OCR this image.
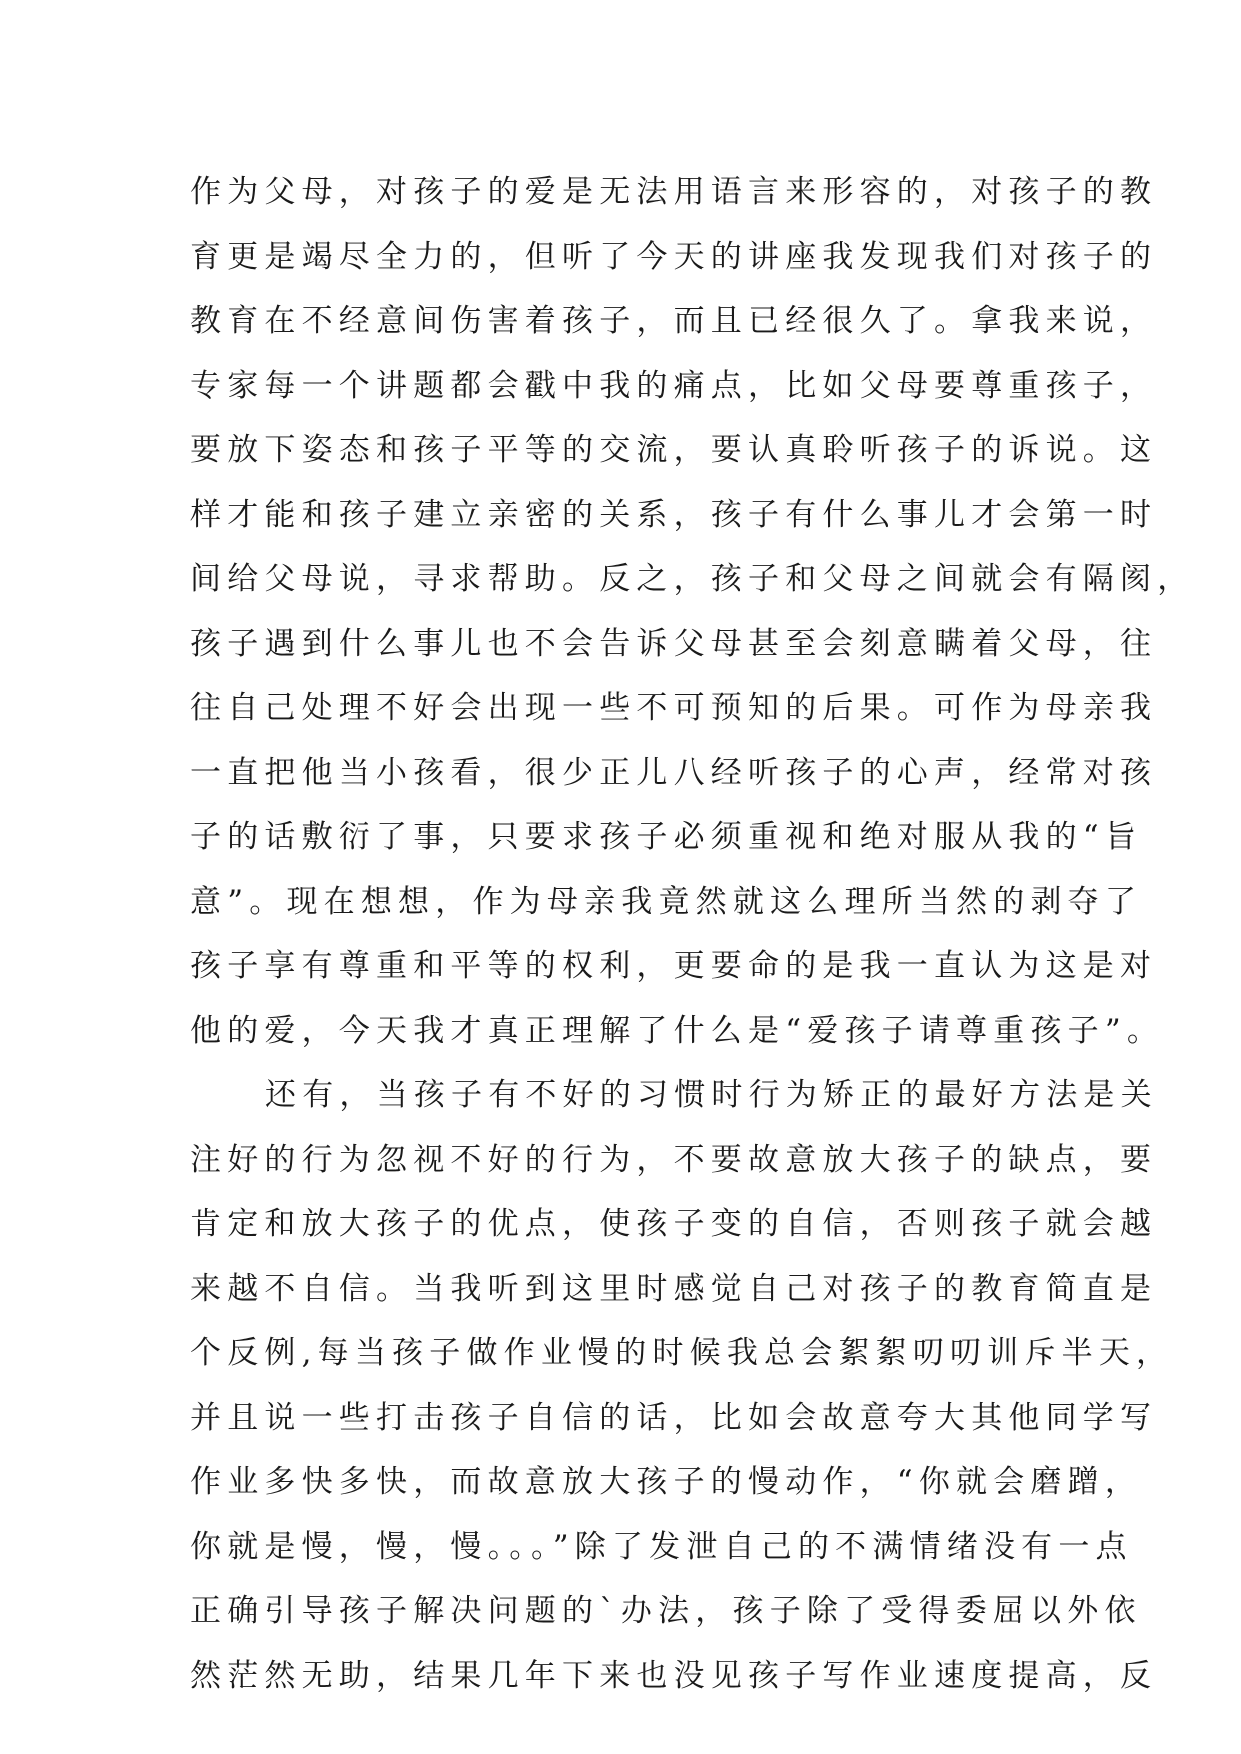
作为父母，对孩子的爱是无法用语言来形容的，对孩子的教
育更是竭尽全力的，但听了今天的讲座我发现我们对孩子的
教育在不经意间伤害着孩子，而且已经很久了。拿我来说，
专家每一个讲题都会戳中我的痛点，比如父母要尊重孩子，
要放下姿态和孩子平等的交流，要认真聆听孩子的诉说。这
样才能和孩子建立亲密的关系，孩子有什么事儿才会第一时
间给父母说，寻求帮助。反之，孩子和父母之间就会有隔阂，
孩子遇到什么事儿也不会告诉父母甚至会刻意瞒着父母，往
往自己处理不好会出现一些不可预知的后果。可作为母亲我
一直把他当小孩看，很少正儿八经听孩子的心声，经常对孩
子的话敷衍了事，只要求孩子必须重视和绝对服从我的“旨
意”。现在想想，作为母亲我竟然就这么理所当然的剥夺了
孩子享有尊重和平等的权利，更要命的是我一直认为这是对
他的爱，今天我才真正理解了什么是“爱孩子请尊重孩子”。
还有，当孩子有不好的习惯时行为矫正的最好方法是关
注好的行为忽视不好的行为，不要故意放大孩子的缺点，要
肯定和放大孩子的优点，使孩子变的自信，否则孩子就会越
来越不自信。当我听到这里时感觉自己对孩子的教育简直是
个反例,每当孩子做作业慢的时候我总会絮絮叨叨训斥半天，
并且说一些打击孩子自信的话，比如会故意夸大其他同学写
作业多快多快，而故意放大孩子的慢动作，“你就会磨蹭，
你就是慢，慢，慢。。。”除了发泄自己的不满情绪没有一点
正确引导孩子解决问题的`办法，孩子除了受得委屈以外依
然茫然无助，结果几年下来也没见孩子写作业速度提高，反
